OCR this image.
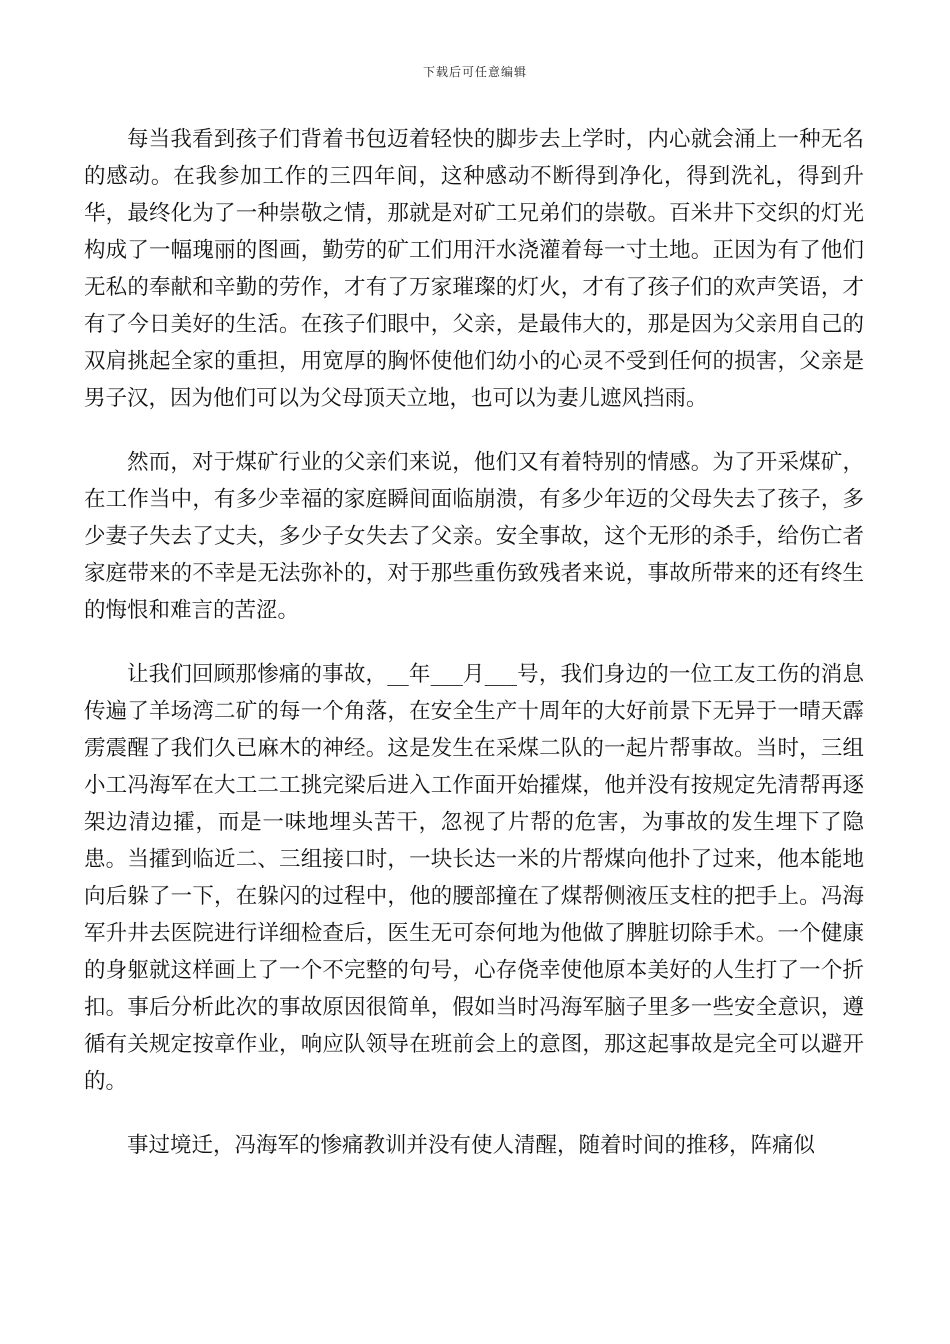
下载后可任意编辑

每当我看到孩子们背着书包迈着轻快的脚步去上学时，内心就会涌上一种无名的感动。在我参加工作的三四年间，这种感动不断得到净化，得到洗礼，得到升华，最终化为了一种崇敬之情，那就是对矿工兄弟们的崇敬。百米井下交织的灯光构成了一幅瑰丽的图画，勤劳的矿工们用汗水浇灌着每一寸土地。正因为有了他们无私的奉献和辛勤的劳作，才有了万家璀璨的灯火，才有了孩子们的欢声笑语，才有了今日美好的生活。在孩子们眼中，父亲，是最伟大的，那是因为父亲用自己的双肩挑起全家的重担，用宽厚的胸怀使他们幼小的心灵不受到任何的损害，父亲是男子汉，因为他们可以为父母顶天立地，也可以为妻儿遮风挡雨。

然而，对于煤矿行业的父亲们来说，他们又有着特别的情感。为了开采煤矿，在工作当中，有多少幸福的家庭瞬间面临崩溃，有多少年迈的父母失去了孩子，多少妻子失去了丈夫，多少子女失去了父亲。安全事故，这个无形的杀手，给伤亡者家庭带来的不幸是无法弥补的，对于那些重伤致残者来说，事故所带来的还有终生的悔恨和难言的苦涩。

让我们回顾那惨痛的事故，__年___月___号，我们身边的一位工友工伤的消息传遍了羊场湾二矿的每一个角落，在安全生产十周年的大好前景下无异于一晴天霹雳震醒了我们久已麻木的神经。这是发生在采煤二队的一起片帮事故。当时，三组小工冯海军在大工二工挑完梁后进入工作面开始攉煤，他并没有按规定先清帮再逐架边清边攉，而是一味地埋头苦干，忽视了片帮的危害，为事故的发生埋下了隐患。当攉到临近二、三组接口时，一块长达一米的片帮煤向他扑了过来，他本能地向后躲了一下，在躲闪的过程中，他的腰部撞在了煤帮侧液压支柱的把手上。冯海军升井去医院进行详细检查后，医生无可奈何地为他做了脾脏切除手术。一个健康的身躯就这样画上了一个不完整的句号，心存侥幸使他原本美好的人生打了一个折扣。事后分析此次的事故原因很简单，假如当时冯海军脑子里多一些安全意识，遵循有关规定按章作业，响应队领导在班前会上的意图，那这起事故是完全可以避开的。

事过境迁，冯海军的惨痛教训并没有使人清醒，随着时间的推移，阵痛似
